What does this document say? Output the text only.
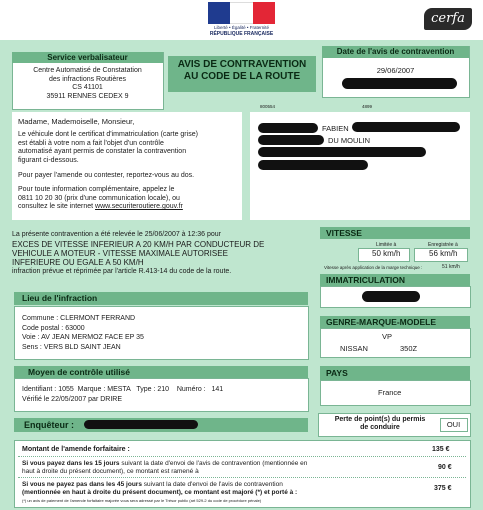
Liberté • Égalité • Fraternité
RÉPUBLIQUE FRANÇAISE
cerfa
Service verbalisateur
Centre Automatisé de Constatation
des infractions Routières
CS 41101
35911 RENNES CEDEX 9
AVIS DE CONTRAVENTION
AU CODE DE LA ROUTE
Date de l'avis de contravention
29/06/2007
800554	4899
Madame, Mademoiselle, Monsieur,
Le véhicule dont le certificat d'immatriculation (carte grise)
est établi à votre nom a fait l'objet d'un contrôle
automatisé ayant permis de constater la contravention
figurant ci-dessous.
Pour payer l'amende ou contester, reportez-vous au dos.
Pour toute information complémentaire, appelez le
0811 10 20 30 (prix d'une communication locale), ou
consultez le site internet www.securiteroutiere.gouv.fr
FABIEN
DU MOULIN
La présente contravention a été relevée le 25/06/2007 à 12:36 pour
EXCES DE VITESSE INFERIEUR A 20 KM/H PAR CONDUCTEUR DE
VEHICULE A MOTEUR - VITESSE MAXIMALE AUTORISEE
INFERIEURE OU EGALE A 50 KM/H
infraction prévue et réprimée par l'article R.413-14 du code de la route.
VITESSE
Limitée à	Enregistrée à
50 km/h	56 km/h
Vitesse après application de la marge technique :	51 km/h
IMMATRICULATION
Lieu de l'infraction
Commune : CLERMONT FERRAND
Code postal : 63000
Voie : AV JEAN MERMOZ FACE EP 35
Sens : VERS BLD SAINT JEAN
GENRE-MARQUE-MODELE
VP
NISSAN	350Z
Moyen de contrôle utilisé
Identifiant : 1055 Marque : MESTA Type : 210 Numéro : 141
Vérifié le 22/05/2007 par DRIRE
PAYS
France
Enquêteur :
Perte de point(s) du permis
de conduire	OUI
Montant de l'amende forfaitaire :	135 €
Si vous payez dans les 15 jours suivant la date d'envoi de l'avis de contravention (mentionnée en
haut à droite du présent document), ce montant est ramené à
90 €
Si vous ne payez pas dans les 45 jours suivant la date d'envoi de l'avis de contravention
(mentionnée en haut à droite du présent document), ce montant est majoré (*) et porté à :
375 €
(*) un avis de paiement de l'amende forfaitaire majorée vous sera adressé par le Trésor public (art 529-2 du code de procédure pénale)
